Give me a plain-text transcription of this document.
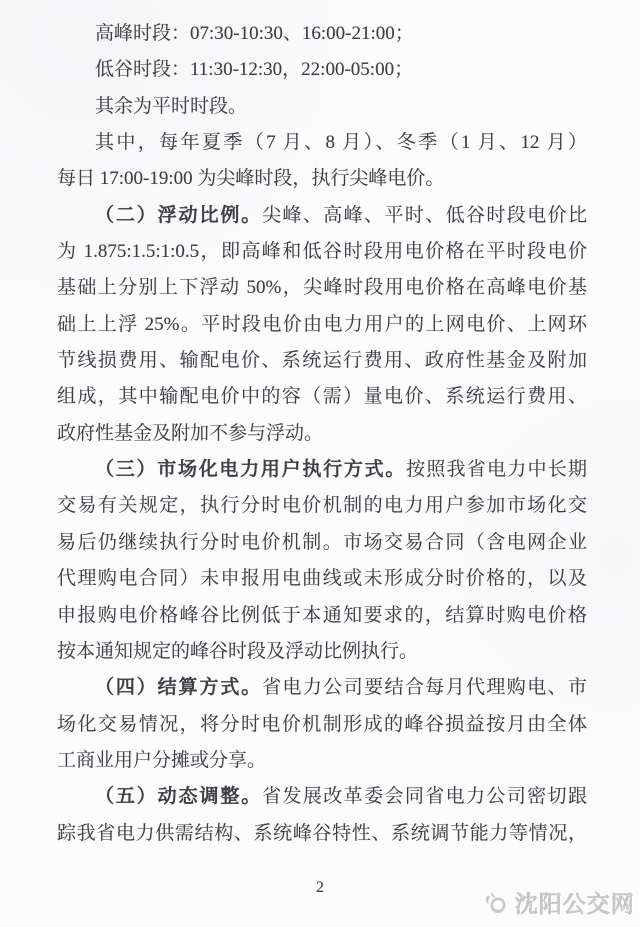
高峰时段：07:30-10:30、16:00-21:00；
低谷时段：11:30-12:30，22:00-05:00；
其余为平时时段。
其中，每年夏季（7 月、8 月）、冬季（1 月、12 月）
每日 17:00-19:00 为尖峰时段，执行尖峰电价。
（二）浮动比例。尖峰、高峰、平时、低谷时段电价比
为 1.875:1.5:1:0.5，即高峰和低谷时段用电价格在平时段电价
基础上分别上下浮动 50%，尖峰时段用电价格在高峰电价基
础上上浮 25%。平时段电价由电力用户的上网电价、上网环
节线损费用、输配电价、系统运行费用、政府性基金及附加
组成，其中输配电价中的容（需）量电价、系统运行费用、
政府性基金及附加不参与浮动。
（三）市场化电力用户执行方式。按照我省电力中长期
交易有关规定，执行分时电价机制的电力用户参加市场化交
易后仍继续执行分时电价机制。市场交易合同（含电网企业
代理购电合同）未申报用电曲线或未形成分时价格的，以及
申报购电价格峰谷比例低于本通知要求的，结算时购电价格
按本通知规定的峰谷时段及浮动比例执行。
（四）结算方式。省电力公司要结合每月代理购电、市
场化交易情况，将分时电价机制形成的峰谷损益按月由全体
工商业用户分摊或分享。
（五）动态调整。省发展改革委会同省电力公司密切跟
踪我省电力供需结构、系统峰谷特性、系统调节能力等情况，
2
沈阳公交网
